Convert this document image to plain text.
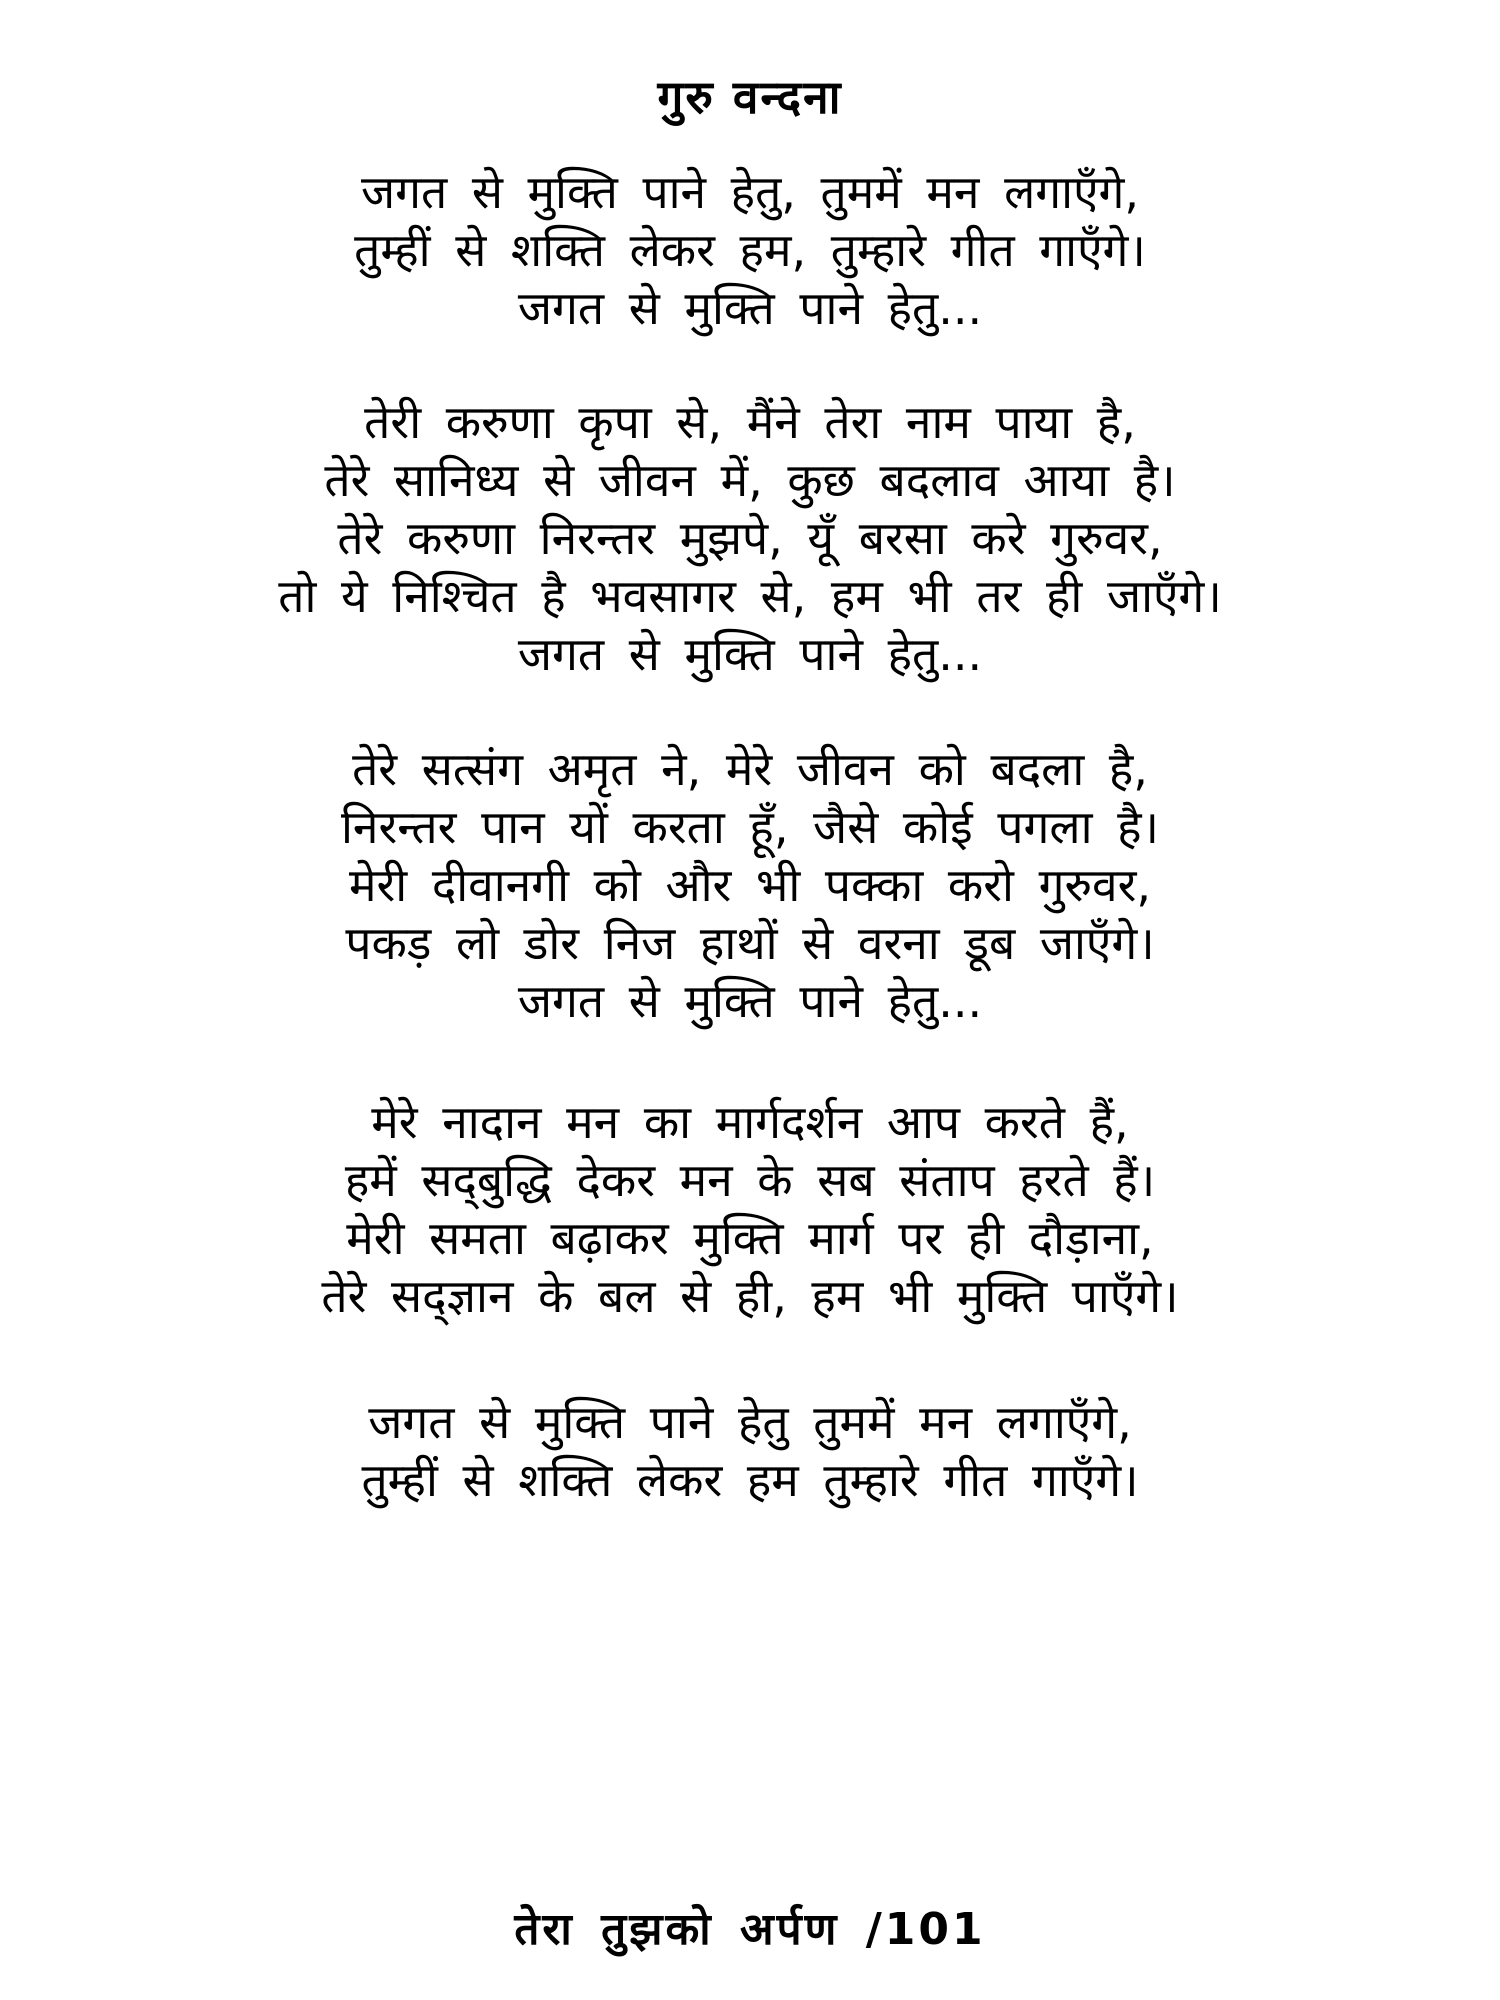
गुरु वन्दना
जगत से मुक्ति पाने हेतु, तुममें मन लगाएँगे,
तुम्हीं से शक्ति लेकर हम, तुम्हारे गीत गाएँगे।
जगत से मुक्ति पाने हेतु...
तेरी करुणा कृपा से, मैंने तेरा नाम पाया है,
तेरे सानिध्य से जीवन में, कुछ बदलाव आया है।
तेरे करुणा निरन्तर मुझपे, यूँ बरसा करे गुरुवर,
तो ये निश्चित है भवसागर से, हम भी तर ही जाएँगे।
जगत से मुक्ति पाने हेतु...
तेरे सत्संग अमृत ने, मेरे जीवन को बदला है,
निरन्तर पान यों करता हूँ, जैसे कोई पगला है।
मेरी दीवानगी को और भी पक्का करो गुरुवर,
पकड़ लो डोर निज हाथों से वरना डूब जाएँगे।
जगत से मुक्ति पाने हेतु...
मेरे नादान मन का मार्गदर्शन आप करते हैं,
हमें सद्‌बुद्धि देकर मन के सब संताप हरते हैं।
मेरी समता बढ़ाकर मुक्ति मार्ग पर ही दौड़ाना,
तेरे सद्ज्ञान के बल से ही, हम भी मुक्ति पाएँगे।
जगत से मुक्ति पाने हेतु तुममें मन लगाएँगे,
तुम्हीं से शक्ति लेकर हम तुम्हारे गीत गाएँगे।
तेरा तुझको अर्पण /101
